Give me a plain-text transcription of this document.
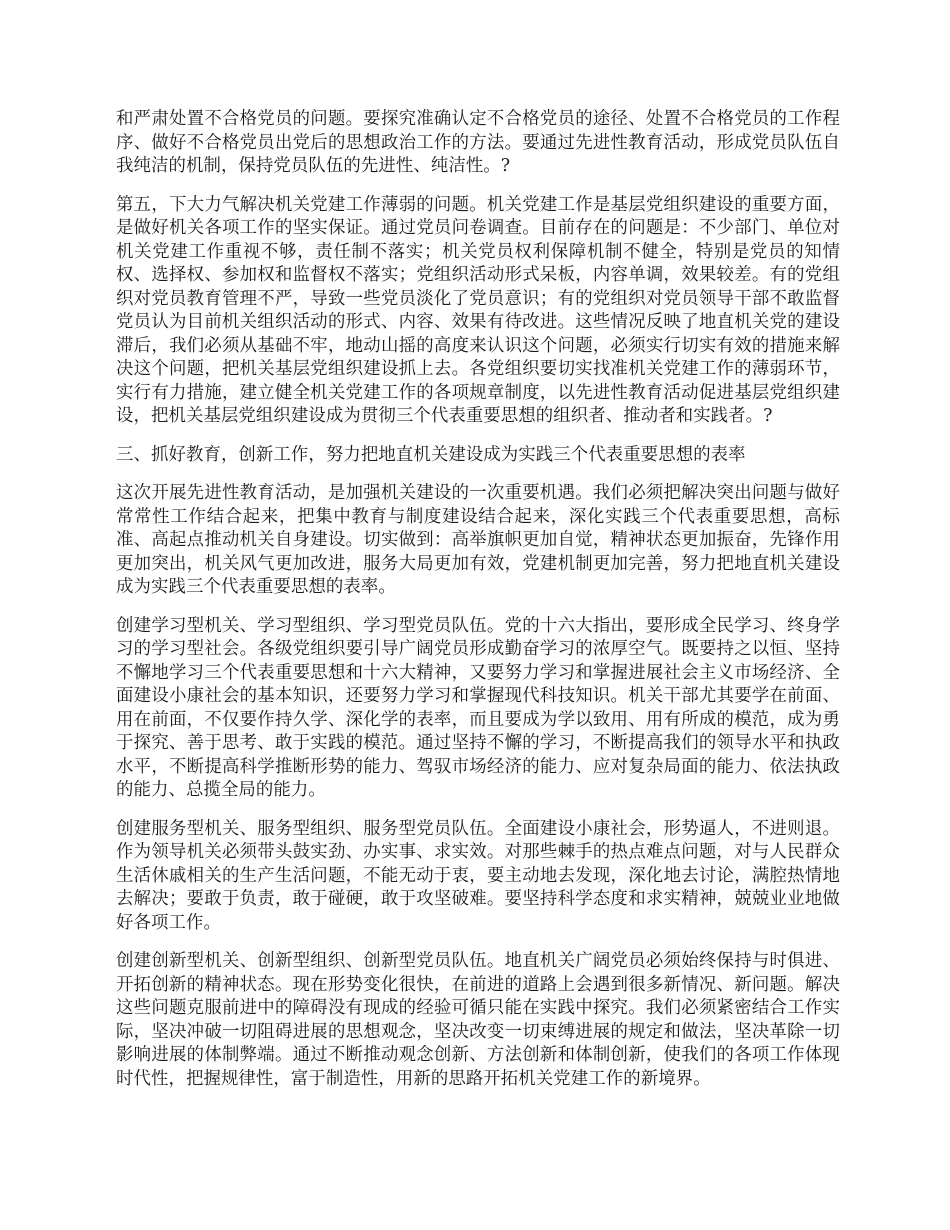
和严肃处置不合格党员的问题。要探究准确认定不合格党员的途径、处置不合格党员的工作程序、做好不合格党员出党后的思想政治工作的方法。要通过先进性教育活动，形成党员队伍自我纯洁的机制，保持党员队伍的先进性、纯洁性。?

第五，下大力气解决机关党建工作薄弱的问题。机关党建工作是基层党组织建设的重要方面，是做好机关各项工作的坚实保证。通过党员问卷调查。目前存在的问题是：不少部门、单位对机关党建工作重视不够，责任制不落实；机关党员权利保障机制不健全，特别是党员的知情权、选择权、参加权和监督权不落实；党组织活动形式呆板，内容单调，效果较差。有的党组织对党员教育管理不严，导致一些党员淡化了党员意识；有的党组织对党员领导干部不敢监督党员认为目前机关组织活动的形式、内容、效果有待改进。这些情况反映了地直机关党的建设滞后，我们必须从基础不牢，地动山摇的高度来认识这个问题，必须实行切实有效的措施来解决这个问题，把机关基层党组织建设抓上去。各党组织要切实找准机关党建工作的薄弱环节，实行有力措施，建立健全机关党建工作的各项规章制度，以先进性教育活动促进基层党组织建设，把机关基层党组织建设成为贯彻三个代表重要思想的组织者、推动者和实践者。?

三、抓好教育，创新工作，努力把地直机关建设成为实践三个代表重要思想的表率

这次开展先进性教育活动，是加强机关建设的一次重要机遇。我们必须把解决突出问题与做好常常性工作结合起来，把集中教育与制度建设结合起来，深化实践三个代表重要思想，高标准、高起点推动机关自身建设。切实做到：高举旗帜更加自觉，精神状态更加振奋，先锋作用更加突出，机关风气更加改进，服务大局更加有效，党建机制更加完善，努力把地直机关建设成为实践三个代表重要思想的表率。

创建学习型机关、学习型组织、学习型党员队伍。党的十六大指出，要形成全民学习、终身学习的学习型社会。各级党组织要引导广阔党员形成勤奋学习的浓厚空气。既要持之以恒、坚持不懈地学习三个代表重要思想和十六大精神，又要努力学习和掌握进展社会主义市场经济、全面建设小康社会的基本知识，还要努力学习和掌握现代科技知识。机关干部尤其要学在前面、用在前面，不仅要作持久学、深化学的表率，而且要成为学以致用、用有所成的模范，成为勇于探究、善于思考、敢于实践的模范。通过坚持不懈的学习，不断提高我们的领导水平和执政水平，不断提高科学推断形势的能力、驾驭市场经济的能力、应对复杂局面的能力、依法执政的能力、总揽全局的能力。

创建服务型机关、服务型组织、服务型党员队伍。全面建设小康社会，形势逼人，不进则退。作为领导机关必须带头鼓实劲、办实事、求实效。对那些棘手的热点难点问题，对与人民群众生活休戚相关的生产生活问题，不能无动于衷，要主动地去发现，深化地去讨论，满腔热情地去解决；要敢于负责，敢于碰硬，敢于攻坚破难。要坚持科学态度和求实精神，兢兢业业地做好各项工作。

创建创新型机关、创新型组织、创新型党员队伍。地直机关广阔党员必须始终保持与时俱进、开拓创新的精神状态。现在形势变化很快，在前进的道路上会遇到很多新情况、新问题。解决这些问题克服前进中的障碍没有现成的经验可循只能在实践中探究。我们必须紧密结合工作实际，坚决冲破一切阻碍进展的思想观念，坚决改变一切束缚进展的规定和做法，坚决革除一切影响进展的体制弊端。通过不断推动观念创新、方法创新和体制创新，使我们的各项工作体现时代性，把握规律性，富于制造性，用新的思路开拓机关党建工作的新境界。
